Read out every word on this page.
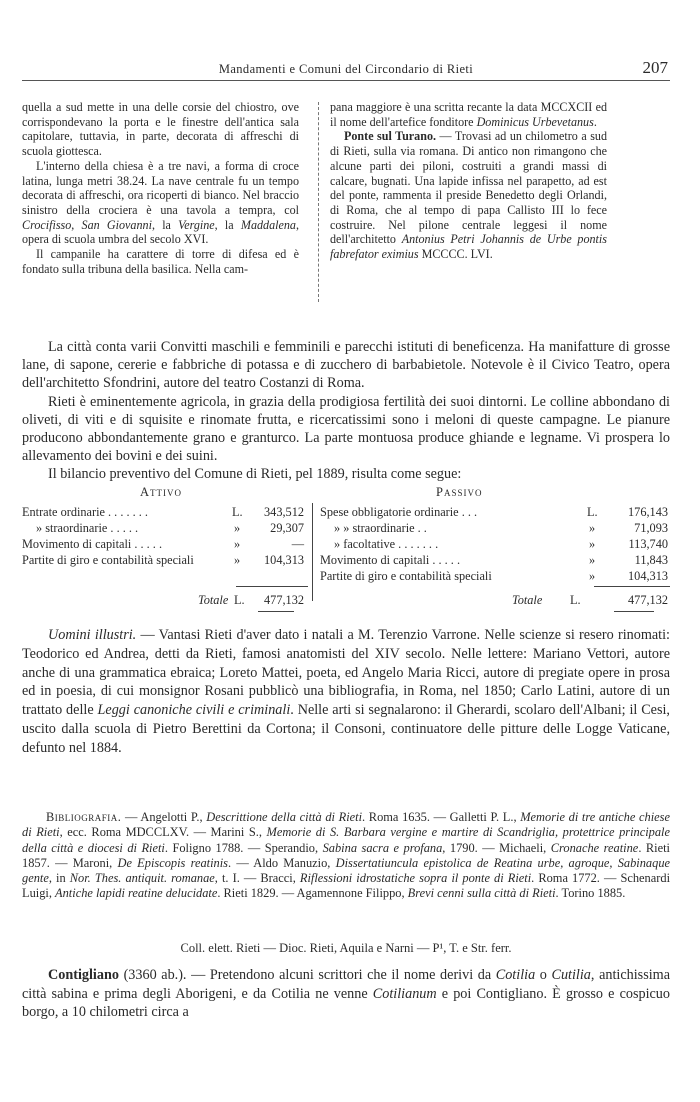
Mandamenti e Comuni del Circondario di Rieti	207

quella a sud mette in una delle corsie del chiostro, ove corrispondevano la porta e le finestre dell'antica sala capitolare, tuttavia, in parte, decorata di affreschi di scuola giottesca.

L'interno della chiesa è a tre navi, a forma di croce latina, lunga metri 38.24. La nave centrale fu un tempo decorata di affreschi, ora ricoperti di bianco. Nel braccio sinistro della crociera è una tavola a tempra, col Crocifisso, San Giovanni, la Vergine, la Maddalena, opera di scuola umbra del secolo XVI.

Il campanile ha carattere di torre di difesa ed è fondato sulla tribuna della basilica. Nella cam-

pana maggiore è una scritta recante la data MCCXCII ed il nome dell'artefice fonditore Dominicus Urbevetanus.

Ponte sul Turano. — Trovasi ad un chilometro a sud di Rieti, sulla via romana. Di antico non rimangono che alcune parti dei piloni, costruiti a grandi massi di calcare, bugnati. Una lapide infissa nel parapetto, ad est del ponte, rammenta il preside Benedetto degli Orlandi, di Roma, che al tempo di papa Callisto III lo fece costruire. Nel pilone centrale leggesi il nome dell'architetto Antonius Petri Johannis de Urbe pontis fabrefator eximius MCCCC. LVI.

La città conta varii Convitti maschili e femminili e parecchi istituti di beneficenza. Ha manifatture di grosse lane, di sapone, cererie e fabbriche di potassa e di zucchero di barbabietole. Notevole è il Civico Teatro, opera dell'architetto Sfondrini, autore del teatro Costanzi di Roma.

Rieti è eminentemente agricola, in grazia della prodigiosa fertilità dei suoi dintorni. Le colline abbondano di oliveti, di viti e di squisite e rinomate frutta, e ricercatissimi sono i meloni di queste campagne. Le pianure producono abbondantemente grano e granturco. La parte montuosa produce ghiande e legname. Vi prospera lo allevamento dei bovini e dei suini.

Il bilancio preventivo del Comune di Rieti, pel 1889, risulta come segue:

Attivo	Passivo
Entrate ordinarie . . . . . . .	L. 343,512
» straordinarie . . . . .	» 29,307
Movimento di capitali . . . . .	»	—
Partite di giro e contabilità speciali	» 104,313
Spese obbligatorie ordinarie . . .	L. 176,143
» » straordinarie . .	»	71,093
» facoltative . . . . . . .	»	113,740
Movimento di capitali . . . . .	»	11,843
Partite di giro e contabilità speciali	»	104,313
Totale L. 477,132	Totale L.	477,132

Uomini illustri. — Vantasi Rieti d'aver dato i natali a M. Terenzio Varrone. Nelle scienze si resero rinomati: Teodorico ed Andrea, detti da Rieti, famosi anatomisti del XIV secolo. Nelle lettere: Mariano Vettori, autore anche di una grammatica ebraica; Loreto Mattei, poeta, ed Angelo Maria Ricci, autore di pregiate opere in prosa ed in poesia, di cui monsignor Rosani pubblicò una bibliografia, in Roma, nel 1850; Carlo Latini, autore di un trattato delle Leggi canoniche civili e criminali. Nelle arti si segnalarono: il Gherardi, scolaro dell'Albani; il Cesi, uscito dalla scuola di Pietro Berettini da Cortona; il Consoni, continuatore delle pitture delle Logge Vaticane, defunto nel 1884.

Bibliografia. — Angelotti P., Descrittione della città di Rieti. Roma 1635. — Galletti P. L., Memorie di tre antiche chiese di Rieti, ecc. Roma MDCCLXV. — Marini S., Memorie di S. Barbara vergine e martire di Scandriglia, protettrice principale della città e diocesi di Rieti. Foligno 1788. — Sperandio, Sabina sacra e profana, 1790. — Michaeli, Cronache reatine. Rieti 1857. — Maroni, De Episcopis reatinis. — Aldo Manuzio, Dissertatiuncula epistolica de Reatina urbe, agroque, Sabinaque gente, in Nor. Thes. antiquit. romanae, t. I. — Bracci, Riflessioni idrostatiche sopra il ponte di Rieti. Roma 1772. — Schenardi Luigi, Antiche lapidi reatine delucidate. Rieti 1829. — Agamennone Filippo, Brevi cenni sulla città di Rieti. Torino 1885.

Coll. elett. Rieti — Dioc. Rieti, Aquila e Narni — P¹, T. e Str. ferr.

Contigliano (3360 ab.). — Pretendono alcuni scrittori che il nome derivi da Cotilia o Cutilia, antichissima città sabina e prima degli Aborigeni, e da Cotilia ne venne Cotilianum e poi Contigliano. È grosso e cospicuo borgo, a 10 chilometri circa a
